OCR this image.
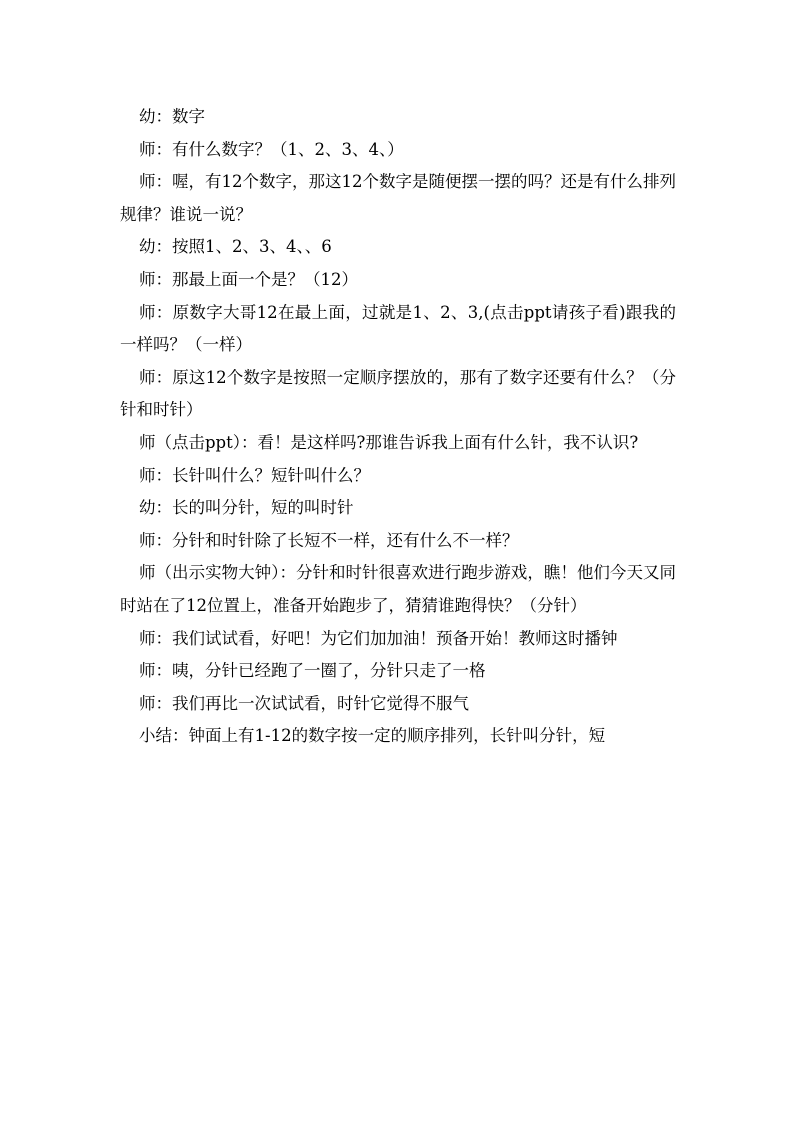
幼：数字

师：有什么数字？（1、2、3、4、）

师：喔，有12个数字，那这12个数字是随便摆一摆的吗？还是有什么排列规律？谁说一说？

幼：按照1、2、3、4、、6

师：那最上面一个是？（12）

师：原数字大哥12在最上面，过就是1、2、3,(点击ppt请孩子看)跟我的一样吗？（一样）

师：原这12个数字是按照一定顺序摆放的，那有了数字还要有什么？（分针和时针）

师（点击ppt）：看！是这样吗?那谁告诉我上面有什么针，我不认识?

师：长针叫什么？短针叫什么？

幼：长的叫分针，短的叫时针

师：分针和时针除了长短不一样，还有什么不一样？

师（出示实物大钟）：分针和时针很喜欢进行跑步游戏，瞧！他们今天又同时站在了12位置上，准备开始跑步了，猜猜谁跑得快？（分针）

师：我们试试看，好吧！为它们加加油！预备开始！教师这时播钟

师：咦，分针已经跑了一圈了，分针只走了一格

师：我们再比一次试试看，时针它觉得不服气

小结：钟面上有1-12的数字按一定的顺序排列，长针叫分针，短
